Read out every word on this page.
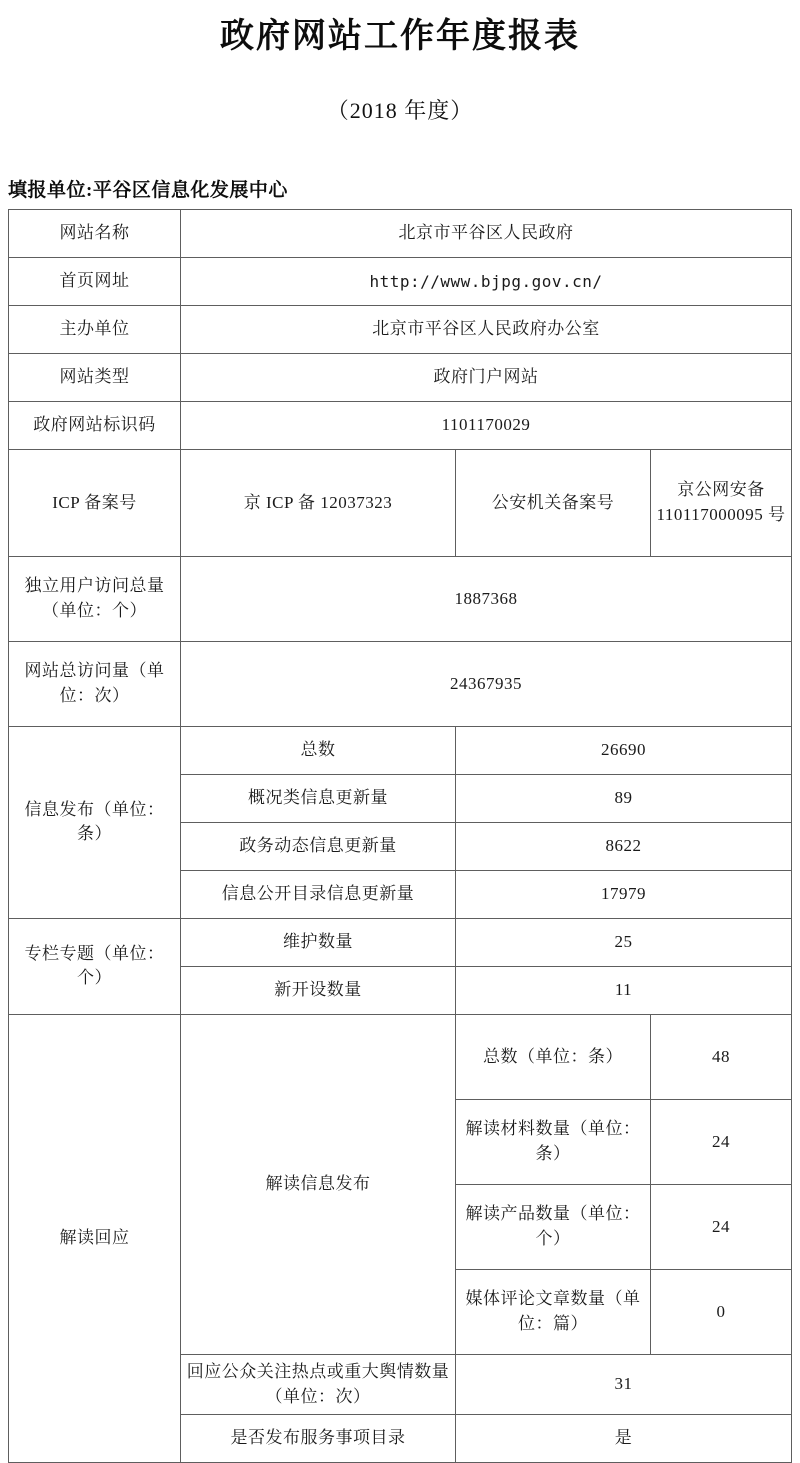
政府网站工作年度报表
（2018 年度）
填报单位:平谷区信息化发展中心
网站名称	北京市平谷区人民政府		
首页网址	http://www.bjpg.gov.cn/		
主办单位	北京市平谷区人民政府办公室		
网站类型	政府门户网站		
政府网站标识码	1101170029		
ICP 备案号	京 ICP 备 12037323	公安机关备案号	京公网安备 110117000095 号
独立用户访问总量（单位：个）	1887368		
网站总访问量（单位：次）	24367935		
信息发布（单位：条）	总数	26690	
	概况类信息更新量	89	
	政务动态信息更新量	8622	
	信息公开目录信息更新量	17979	
专栏专题（单位：个）	维护数量	25	
	新开设数量	11	
解读回应	解读信息发布	总数（单位：条）	48
		解读材料数量（单位：条）	24
		解读产品数量（单位：个）	24
		媒体评论文章数量（单位：篇）	0
	回应公众关注热点或重大舆情数量（单位：次）	31	
	是否发布服务事项目录	是	
